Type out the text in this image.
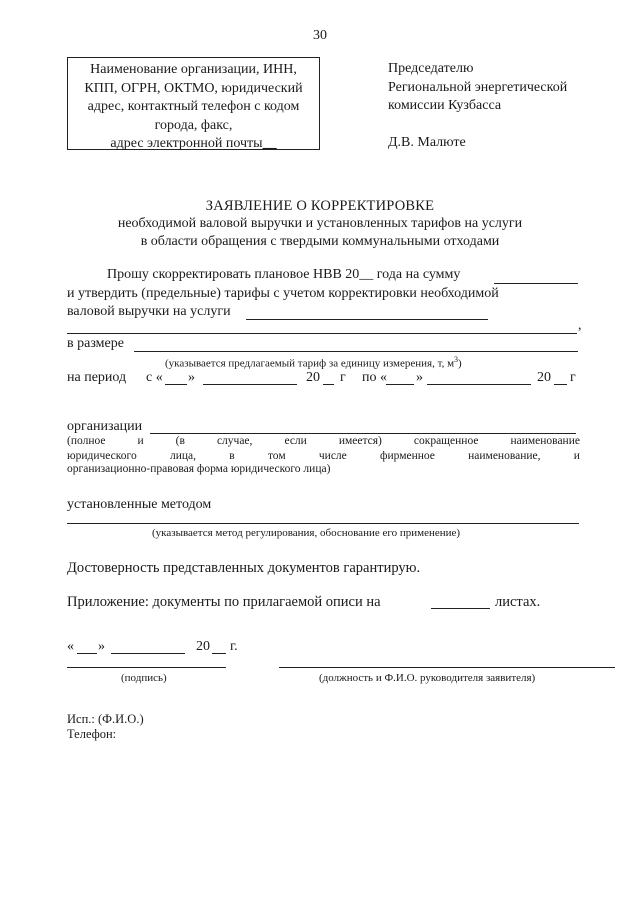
30
Наименование организации, ИНН,
КПП, ОГРН, ОКТМО, юридический
адрес, контактный телефон с кодом
города, факс,
адрес электронной почты__
Председателю
Региональной энергетической
комиссии Кузбасса
Д.В. Малюте
ЗАЯВЛЕНИЕ О КОРРЕКТИРОВКЕ
необходимой валовой выручки и установленных тарифов на услуги
в области обращения с твердыми коммунальными отходами
Прошу скорректировать плановое НВВ 20__ года на сумму
и утвердить (предельные) тарифы с учетом корректировки необходимой
валовой выручки на услуги
,
в размере
(указывается предлагаемый тариф за единицу измерения, т, $м^3$)
на период с « »	20 г по « »	20 г
организации
(полное	и	(в	случае,	если	имеется)	сокращенное	наименование
юридического	лица,	в	том	числе	фирменное	наименование,	и
организационно-правовая форма юридического лица)
установленные методом
(указывается метод регулирования, обоснование его применение)
Достоверность представленных документов гарантирую.
Приложение: документы по прилагаемой описи на	листах.
« »	20 г.
(подпись)	(должность и Ф.И.О. руководителя заявителя)
Исп.: (Ф.И.О.)
Телефон:
